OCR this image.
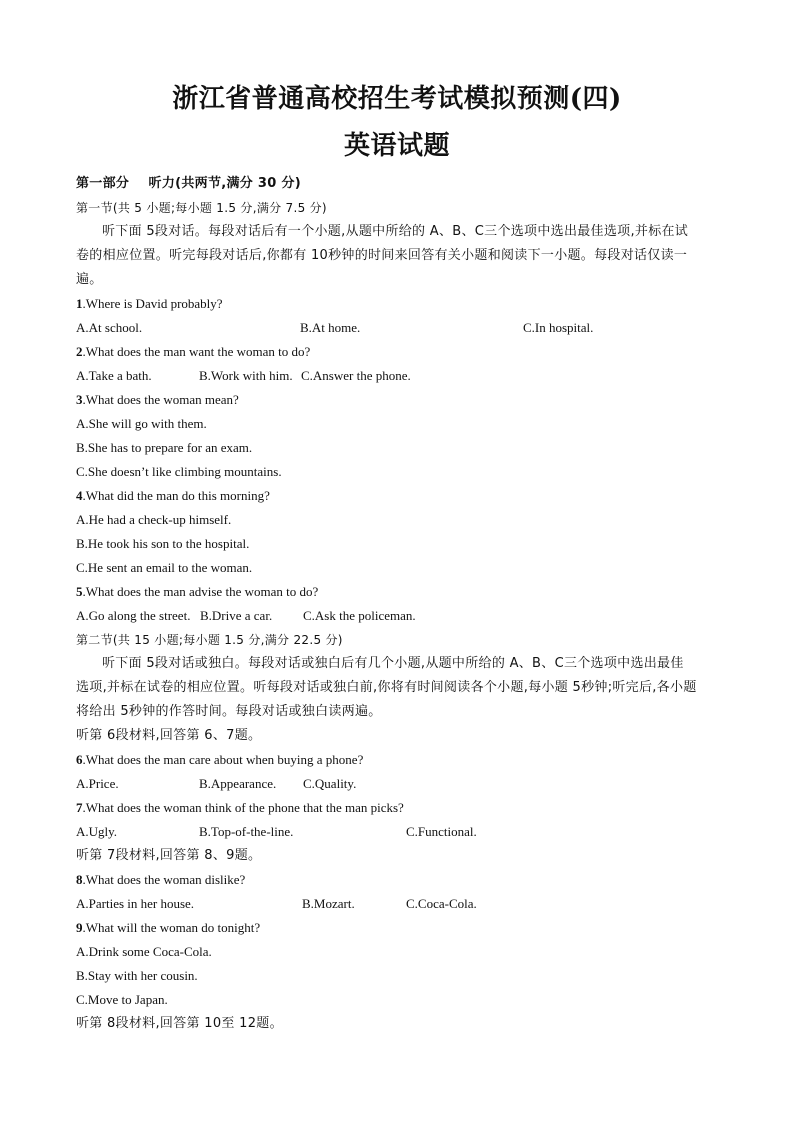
浙江省普通高校招生考试模拟预测(四)
英语试题
第一部分 听力(共两节,满分 30 分)
第一节(共 5 小题;每小题 1.5 分,满分 7.5 分)
听下面 5段对话。每段对话后有一个小题,从题中所给的 A、B、C三个选项中选出最佳选项,并标在试
卷的相应位置。听完每段对话后,你都有 10秒钟的时间来回答有关小题和阅读下一小题。每段对话仅读一
遍。
1.Where is David probably?
A.At school.	B.At home.	C.In hospital.
2.What does the man want the woman to do?
A.Take a bath.	B.Work with him. C.Answer the phone.
3.What does the woman mean?
A.She will go with them.
B.She has to prepare for an exam.
C.She doesn’t like climbing mountains.
4.What did the man do this morning?
A.He had a check-up himself.
B.He took his son to the hospital.
C.He sent an email to the woman.
5.What does the man advise the woman to do?
A.Go along the street. B.Drive a car. C.Ask the policeman.
第二节(共 15 小题;每小题 1.5 分,满分 22.5 分)
听下面 5段对话或独白。每段对话或独白后有几个小题,从题中所给的 A、B、C三个选项中选出最佳
选项,并标在试卷的相应位置。听每段对话或独白前,你将有时间阅读各个小题,每小题 5秒钟;听完后,各小题
将给出 5秒钟的作答时间。每段对话或独白读两遍。
听第 6段材料,回答第 6、7题。
6.What does the man care about when buying a phone?
A.Price.	B.Appearance. C.Quality.
7.What does the woman think of the phone that the man picks?
A.Ugly.	B.Top-of-the-line.	C.Functional.
听第 7段材料,回答第 8、9题。
8.What does the woman dislike?
A.Parties in her house.	B.Mozart.	C.Coca-Cola.
9.What will the woman do tonight?
A.Drink some Coca-Cola.
B.Stay with her cousin.
C.Move to Japan.
听第 8段材料,回答第 10至 12题。
